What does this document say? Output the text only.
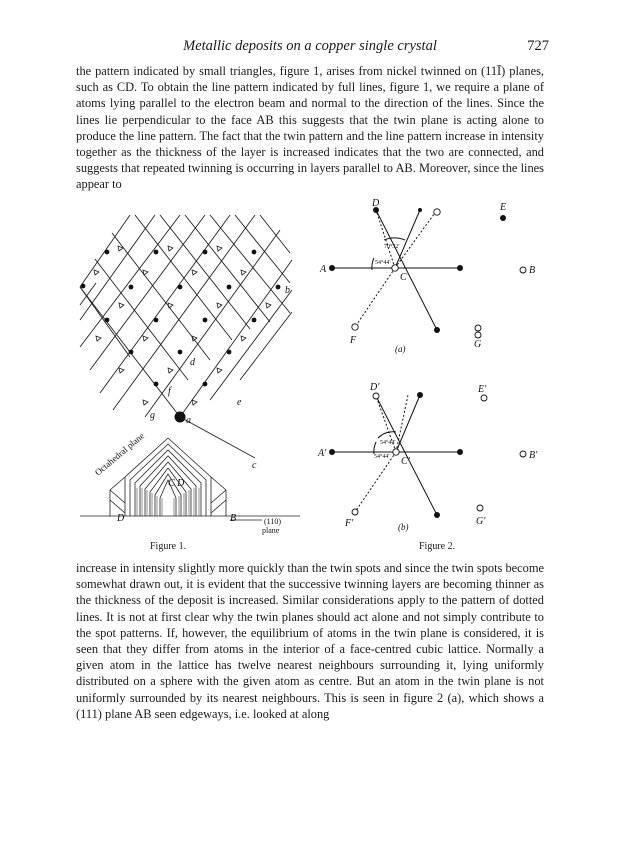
Metallic deposits on a copper single crystal	727

the pattern indicated by small triangles, figure 1, arises from nickel twinned on (11Ī) planes, such as CD. To obtain the line pattern indicated by full lines, figure 1, we require a plane of atoms lying parallel to the electron beam and normal to the direction of the lines. Since the lines lie perpendicular to the face AB this suggests that the twin plane is acting alone to produce the line pattern. The fact that the twin pattern and the line pattern increase in intensity together as the thickness of the layer is increased indicates that the two are connected, and suggests that repeated twinning is occurring in layers parallel to AB. Moreover, since the lines appear to

a
b
c
d
e
f
g
C D
D	B
Octahedral plane
(110)
plane
D	E
A	B
C
F	G
(a)
70°32'
54°44'
D'	E'
A'	B'
C'
F'	G'
(b)
54°44'
54°44'
Figure 1.	Figure 2.

increase in intensity slightly more quickly than the twin spots and since the twin spots become somewhat drawn out, it is evident that the successive twinning layers are becoming thinner as the thickness of the deposit is increased. Similar considerations apply to the pattern of dotted lines. It is not at first clear why the twin planes should act alone and not simply contribute to the spot patterns. If, however, the equilibrium of atoms in the twin plane is considered, it is seen that they differ from atoms in the interior of a face-centred cubic lattice. Normally a given atom in the lattice has twelve nearest neighbours surrounding it, lying uniformly distributed on a sphere with the given atom as centre. But an atom in the twin plane is not uniformly surrounded by its nearest neighbours. This is seen in figure 2 (a), which shows a (111) plane AB seen edgeways, i.e. looked at along
